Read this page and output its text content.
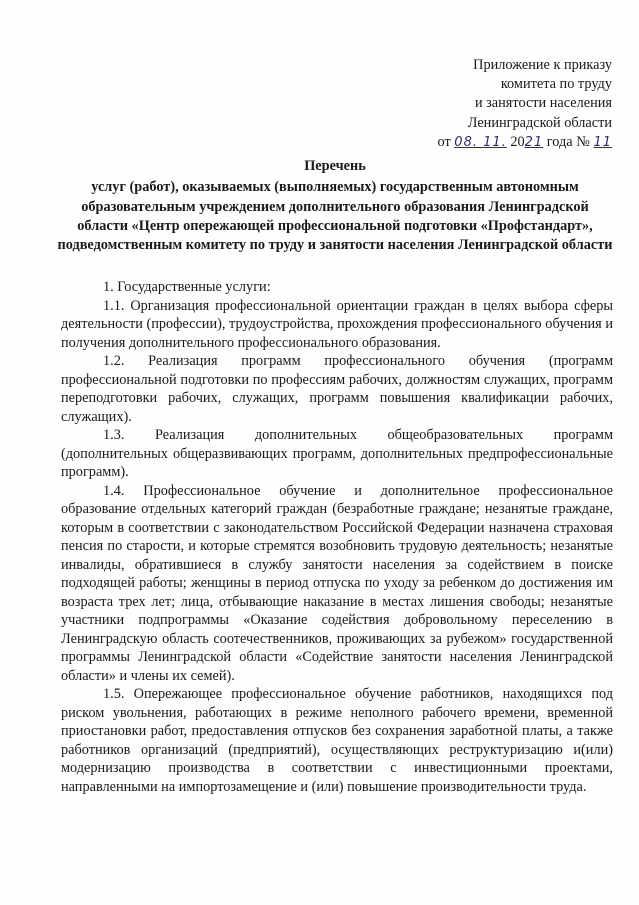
Приложение к приказу
комитета по труду
и занятости населения
Ленинградской области
от 08. 11. 2021 года № 11
Перечень
услуг (работ), оказываемых (выполняемых) государственным автономным образовательным учреждением дополнительного образования Ленинградской области «Центр опережающей профессиональной подготовки «Профстандарт», подведомственным комитету по труду и занятости населения Ленинградской области

1. Государственные услуги:

1.1. Организация профессиональной ориентации граждан в целях выбора сферы деятельности (профессии), трудоустройства, прохождения профессионального обучения и получения дополнительного профессионального образования.

1.2. Реализация программ профессионального обучения (программ профессиональной подготовки по профессиям рабочих, должностям служащих, программ переподготовки рабочих, служащих, программ повышения квалификации рабочих, служащих).

1.3. Реализация дополнительных общеобразовательных программ (дополнительных общеразвивающих программ, дополнительных предпрофессиональные программ).

1.4. Профессиональное обучение и дополнительное профессиональное образование отдельных категорий граждан (безработные граждане; незанятые граждане, которым в соответствии с законодательством Российской Федерации назначена страховая пенсия по старости, и которые стремятся возобновить трудовую деятельность; незанятые инвалиды, обратившиеся в службу занятости населения за содействием в поиске подходящей работы; женщины в период отпуска по уходу за ребенком до достижения им возраста трех лет; лица, отбывающие наказание в местах лишения свободы; незанятые участники подпрограммы «Оказание содействия добровольному переселению в Ленинградскую область соотечественников, проживающих за рубежом» государственной программы Ленинградской области «Содействие занятости населения Ленинградской области» и члены их семей).

1.5. Опережающее профессиональное обучение работников, находящихся под риском увольнения, работающих в режиме неполного рабочего времени, временной приостановки работ, предоставления отпусков без сохранения заработной платы, а также работников организаций (предприятий), осуществляющих реструктуризацию и(или) модернизацию производства в соответствии с инвестиционными проектами, направленными на импортозамещение и (или) повышение производительности труда.
